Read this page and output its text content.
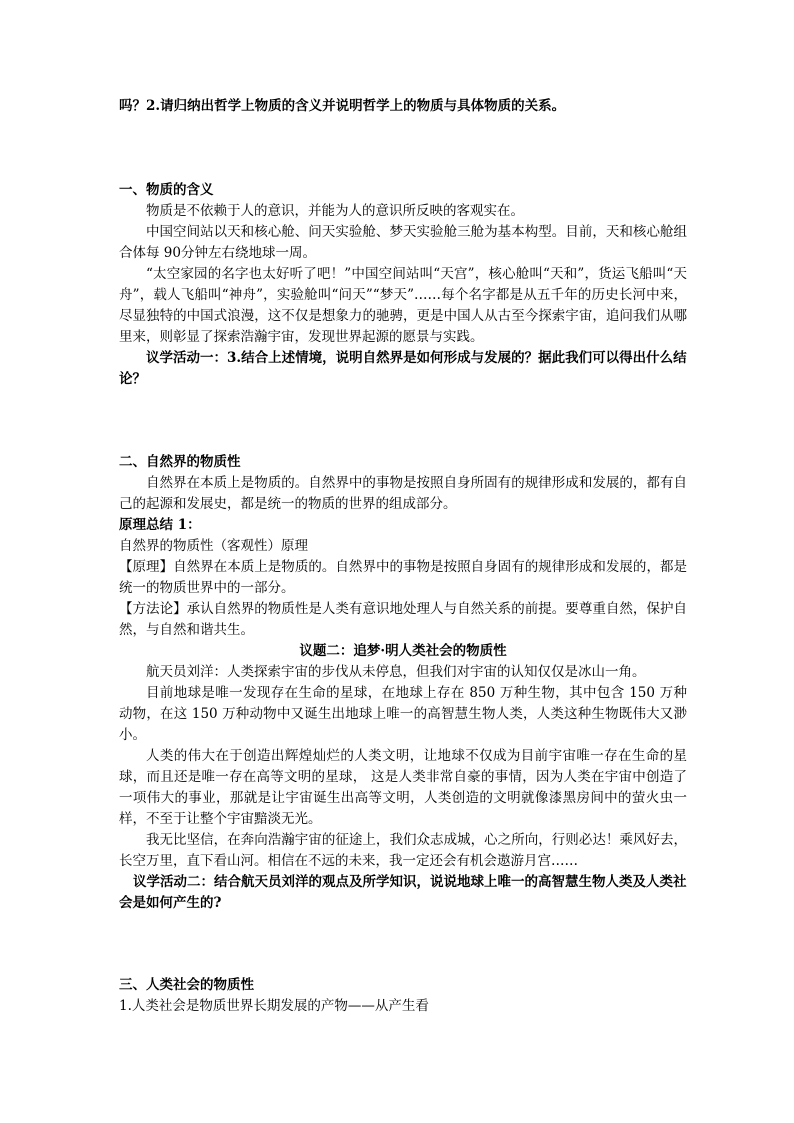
吗？2.请归纳出哲学上物质的含义并说明哲学上的物质与具体物质的关系。

一、物质的含义

物质是不依赖于人的意识，并能为人的意识所反映的客观实在。

中国空间站以天和核心舱、问天实验舱、梦天实验舱三舱为基本构型。目前，天和核心舱组合体每 90分钟左右绕地球一周。

“太空家园的名字也太好听了吧！”中国空间站叫“天宫”，核心舱叫“天和”，货运飞船叫“天舟”，载人飞船叫“神舟”，实验舱叫“问天”“梦天”……每个名字都是从五千年的历史长河中来，尽显独特的中国式浪漫，这不仅是想象力的驰骋，更是中国人从古至今探索宇宙，追问我们从哪里来，则彰显了探索浩瀚宇宙，发现世界起源的愿景与实践。

议学活动一：3.结合上述情境，说明自然界是如何形成与发展的？据此我们可以得出什么结论？

二、自然界的物质性

自然界在本质上是物质的。自然界中的事物是按照自身所固有的规律形成和发展的，都有自己的起源和发展史，都是统一的物质的世界的组成部分。

原理总结 1：

自然界的物质性（客观性）原理

【原理】自然界在本质上是物质的。自然界中的事物是按照自身固有的规律形成和发展的，都是统一的物质世界中的一部分。

【方法论】承认自然界的物质性是人类有意识地处理人与自然关系的前提。要尊重自然，保护自然，与自然和谐共生。

议题二：追梦·明人类社会的物质性

航天员刘洋：人类探索宇宙的步伐从未停息，但我们对宇宙的认知仅仅是冰山一角。

目前地球是唯一发现存在生命的星球，在地球上存在 850 万种生物，其中包含 150 万种动物，在这 150 万种动物中又诞生出地球上唯一的高智慧生物人类，人类这种生物既伟大又渺小。

人类的伟大在于创造出辉煌灿烂的人类文明，让地球不仅成为目前宇宙唯一存在生命的星球，而且还是唯一存在高等文明的星球， 这是人类非常自豪的事情，因为人类在宇宙中创造了一项伟大的事业，那就是让宇宙诞生出高等文明，人类创造的文明就像漆黑房间中的萤火虫一样，不至于让整个宇宙黯淡无光。

我无比坚信，在奔向浩瀚宇宙的征途上，我们众志成城，心之所向，行则必达！乘风好去，长空万里，直下看山河。相信在不远的未来，我一定还会有机会遨游月宫……

议学活动二：结合航天员刘洋的观点及所学知识，说说地球上唯一的高智慧生物人类及人类社会是如何产生的?

三、人类社会的物质性

1.人类社会是物质世界长期发展的产物——从产生看
